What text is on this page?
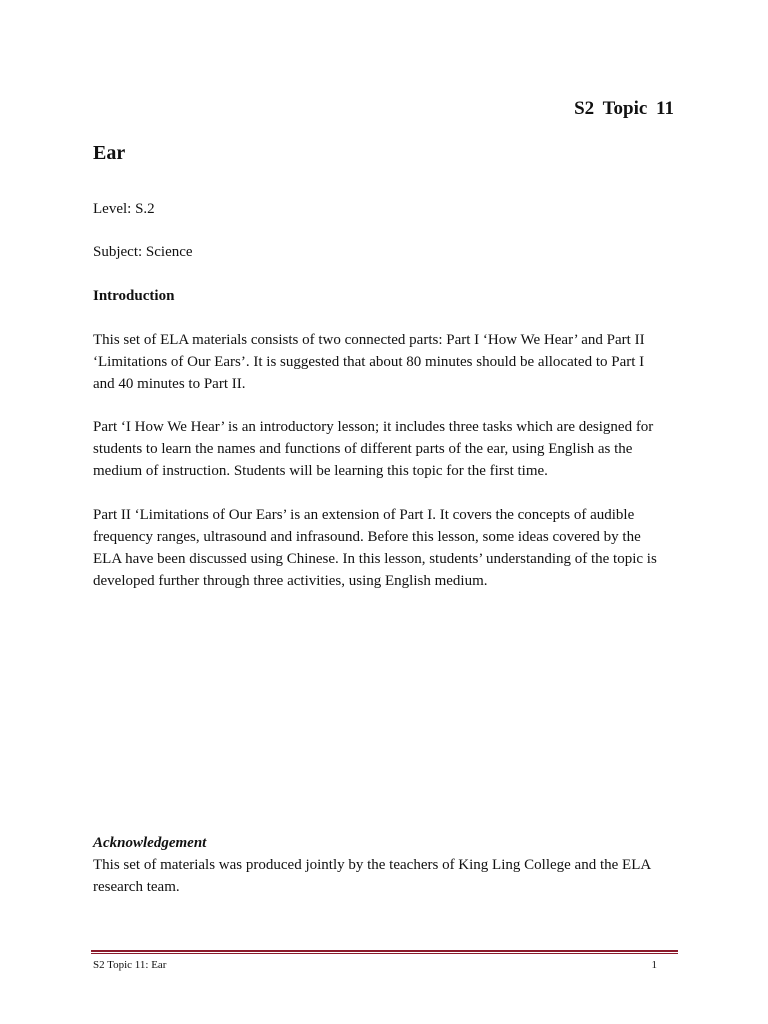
S2 Topic 11
Ear
Level: S.2
Subject: Science
Introduction
This set of ELA materials consists of two connected parts: Part I ‘How We Hear’ and Part II
‘Limitations of Our Ears’. It is suggested that about 80 minutes should be allocated to Part I
and 40 minutes to Part II.
Part ‘I How We Hear’ is an introductory lesson; it includes three tasks which are designed for
students to learn the names and functions of different parts of the ear, using English as the
medium of instruction. Students will be learning this topic for the first time.
Part II ‘Limitations of Our Ears’ is an extension of Part I. It covers the concepts of audible
frequency ranges, ultrasound and infrasound. Before this lesson, some ideas covered by the
ELA have been discussed using Chinese. In this lesson, students’ understanding of the topic is
developed further through three activities, using English medium.
Acknowledgement
This set of materials was produced jointly by the teachers of King Ling College and the ELA
research team.
S2 Topic 11: Ear	1
